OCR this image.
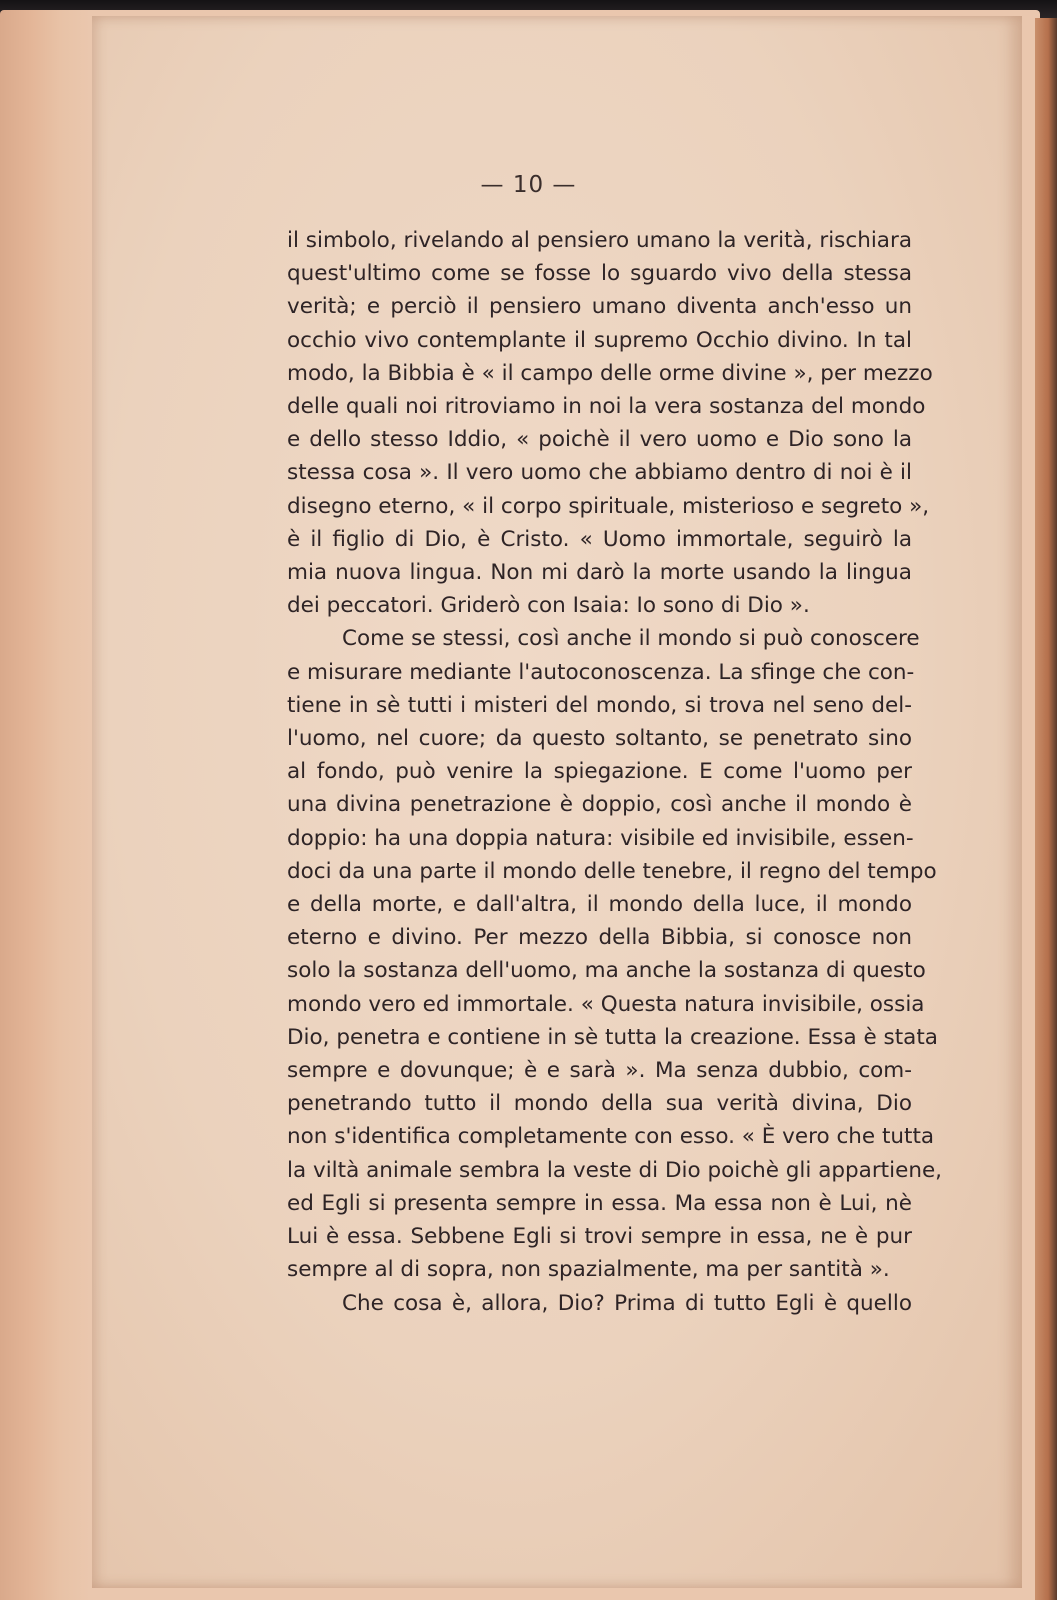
— 10 —
il simbolo, rivelando al pensiero umano la verità, rischiara
quest'ultimo come se fosse lo sguardo vivo della stessa
verità; e perciò il pensiero umano diventa anch'esso un
occhio vivo contemplante il supremo Occhio divino. In tal
modo, la Bibbia è « il campo delle orme divine », per mezzo
delle quali noi ritroviamo in noi la vera sostanza del mondo
e dello stesso Iddio, « poichè il vero uomo e Dio sono la
stessa cosa ». Il vero uomo che abbiamo dentro di noi è il
disegno eterno, « il corpo spirituale, misterioso e segreto »,
è il figlio di Dio, è Cristo. « Uomo immortale, seguirò la
mia nuova lingua. Non mi darò la morte usando la lingua
dei peccatori. Griderò con Isaia: Io sono di Dio ».
Come se stessi, così anche il mondo si può conoscere
e misurare mediante l'autoconoscenza. La sfinge che con-
tiene in sè tutti i misteri del mondo, si trova nel seno del-
l'uomo, nel cuore; da questo soltanto, se penetrato sino
al fondo, può venire la spiegazione. E come l'uomo per
una divina penetrazione è doppio, così anche il mondo è
doppio: ha una doppia natura: visibile ed invisibile, essen-
doci da una parte il mondo delle tenebre, il regno del tempo
e della morte, e dall'altra, il mondo della luce, il mondo
eterno e divino. Per mezzo della Bibbia, si conosce non
solo la sostanza dell'uomo, ma anche la sostanza di questo
mondo vero ed immortale. « Questa natura invisibile, ossia
Dio, penetra e contiene in sè tutta la creazione. Essa è stata
sempre e dovunque; è e sarà ». Ma senza dubbio, com-
penetrando tutto il mondo della sua verità divina, Dio
non s'identifica completamente con esso. « È vero che tutta
la viltà animale sembra la veste di Dio poichè gli appartiene,
ed Egli si presenta sempre in essa. Ma essa non è Lui, nè
Lui è essa. Sebbene Egli si trovi sempre in essa, ne è pur
sempre al di sopra, non spazialmente, ma per santità ».
Che cosa è, allora, Dio? Prima di tutto Egli è quello
